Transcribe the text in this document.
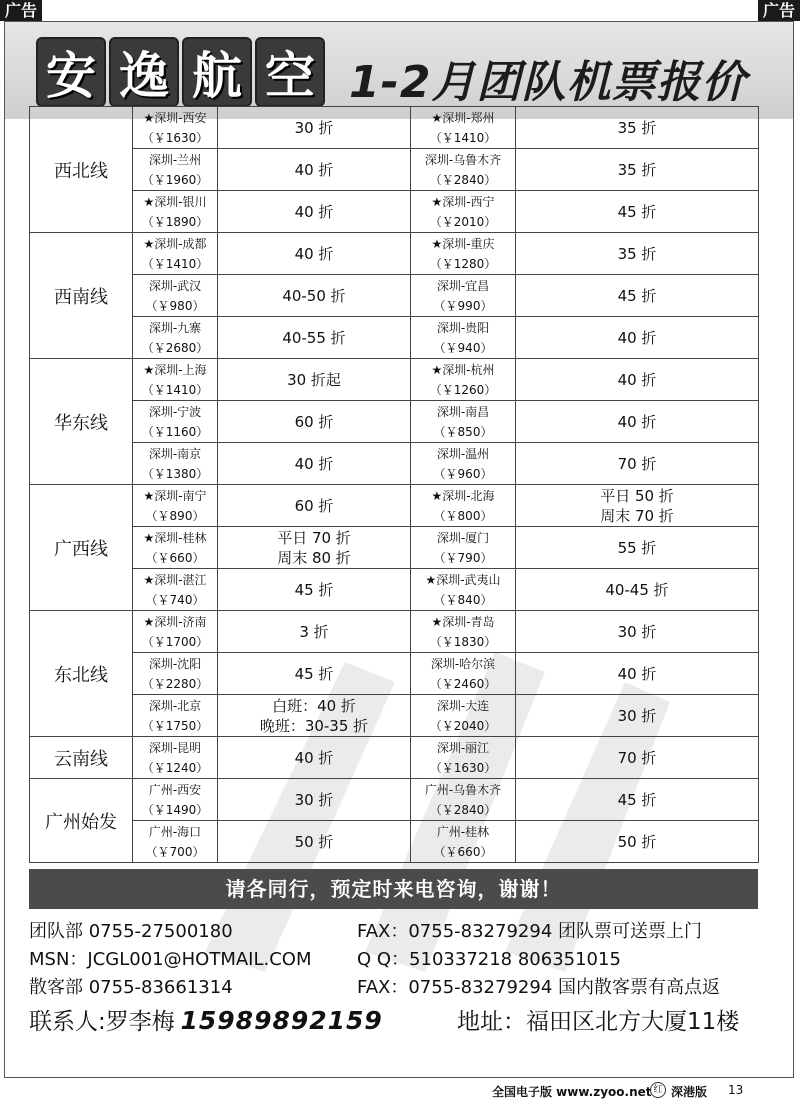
广告	广告
安 逸 航 空 1-2月团队机票报价
西北线	★深圳-西安
（￥1630）	30 折	★深圳-郑州
（￥1410）	35 折

	深圳-兰州
（￥1960）	40 折	深圳-乌鲁木齐
（￥2840）	35 折

	★深圳-银川
（￥1890）	40 折	★深圳-西宁
（￥2010）	45 折

西南线	★深圳-成都
（￥1410）	40 折	★深圳-重庆
（￥1280）	35 折

	深圳-武汉
（￥980）	40-50 折	深圳-宜昌
（￥990）	45 折

	深圳-九寨
（￥2680）	40-55 折	深圳-贵阳
（￥940）	40 折

华东线	★深圳-上海
（￥1410）	30 折起	★深圳-杭州
（￥1260）	40 折

	深圳-宁波
（￥1160）	60 折	深圳-南昌
（￥850）	40 折

	深圳-南京
（￥1380）	40 折	深圳-温州
（￥960）	70 折

广西线	★深圳-南宁
（￥890）	60 折	★深圳-北海
（￥800）	平日 50 折
周末 70 折

	★深圳-桂林
（￥660）	平日 70 折
周末 80 折	深圳-厦门
（￥790）	55 折

	★深圳-湛江
（￥740）	45 折	★深圳-武夷山
（￥840）	40-45 折

东北线	★深圳-济南
（￥1700）	3 折	★深圳-青岛
（￥1830）	30 折

	深圳-沈阳
（￥2280）	45 折	深圳-哈尔滨
（￥2460）	40 折

	深圳-北京
（￥1750）	白班：40 折
晚班：30-35 折	深圳-大连
（￥2040）	30 折

云南线	深圳-昆明
（￥1240）	40 折	深圳-丽江
（￥1630）	70 折

广州始发	广州-西安
（￥1490）	30 折	广州-乌鲁木齐
（￥2840）	45 折

	广州-海口
（￥700）	50 折	广州-桂林
（￥660）	50 折
请各同行，预定时来电咨询，谢谢！
团队部 0755-27500180	FAX：0755-83279294 团队票可送票上门
MSN：JCGL001@HOTMAIL.COM	Q Q：510337218 806351015
散客部 0755-83661314	FAX：0755-83279294 国内散客票有高点返
联系人:罗李梅 15989892159	地址：福田区北方大厦11楼
全国电子版 www.zyoo.net 红 深港版 13
